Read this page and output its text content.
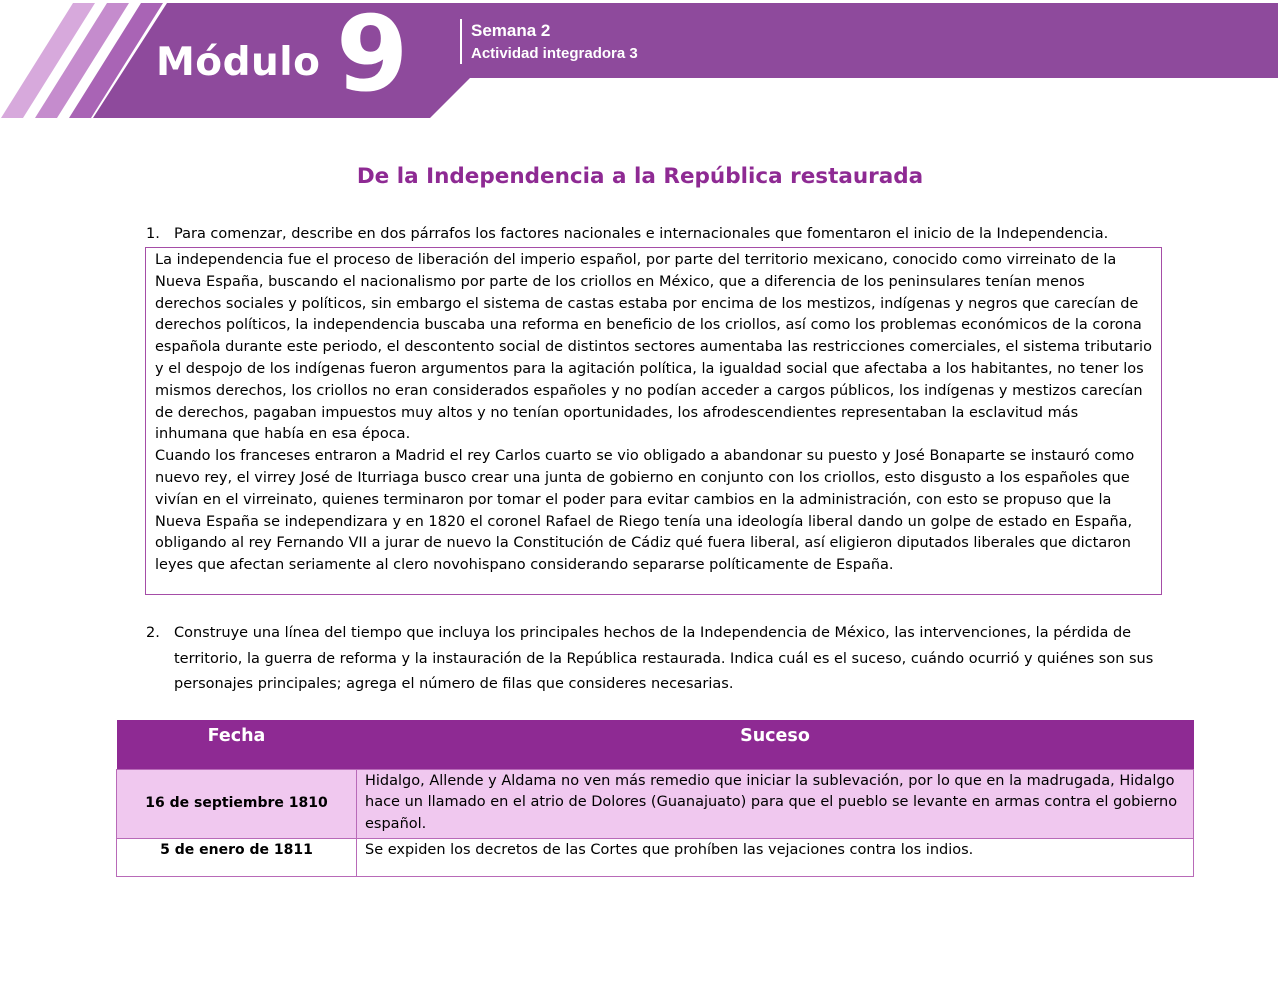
Módulo 9	Semana 2
Actividad integradora 3
De la Independencia a la República restaurada
1. Para comenzar, describe en dos párrafos los factores nacionales e internacionales que fomentaron el inicio de la Independencia.

La independencia fue el proceso de liberación del imperio español, por parte del territorio mexicano, conocido como virreinato de la Nueva España, buscando el nacionalismo por parte de los criollos en México, que a diferencia de los peninsulares tenían menos derechos sociales y políticos, sin embargo el sistema de castas estaba por encima de los mestizos, indígenas y negros que carecían de derechos políticos, la independencia buscaba una reforma en beneficio de los criollos, así como los problemas económicos de la corona española durante este periodo, el descontento social de distintos sectores aumentaba las restricciones comerciales, el sistema tributario y el despojo de los indígenas fueron argumentos para la agitación política, la igualdad social que afectaba a los habitantes, no tener los mismos derechos, los criollos no eran considerados españoles y no podían acceder a cargos públicos, los indígenas y mestizos carecían de derechos, pagaban impuestos muy altos y no tenían oportunidades, los afrodescendientes representaban la esclavitud más inhumana que había en esa época.

Cuando los franceses entraron a Madrid el rey Carlos cuarto se vio obligado a abandonar su puesto y José Bonaparte se instauró como nuevo rey, el virrey José de Iturriaga busco crear una junta de gobierno en conjunto con los criollos, esto disgusto a los españoles que vivían en el virreinato, quienes terminaron por tomar el poder para evitar cambios en la administración, con esto se propuso que la Nueva España se independizara y en 1820 el coronel Rafael de Riego tenía una ideología liberal dando un golpe de estado en España, obligando al rey Fernando VII a jurar de nuevo la Constitución de Cádiz qué fuera liberal, así eligieron diputados liberales que dictaron leyes que afectan seriamente al clero novohispano considerando separarse políticamente de España.

2. Construye una línea del tiempo que incluya los principales hechos de la Independencia de México, las intervenciones, la pérdida de territorio, la guerra de reforma y la instauración de la República restaurada. Indica cuál es el suceso, cuándo ocurrió y quiénes son sus personajes principales; agrega el número de filas que consideres necesarias.
Fecha	Suceso
16 de septiembre 1810	Hidalgo, Allende y Aldama no ven más remedio que iniciar la sublevación, por lo que en la madrugada, Hidalgo hace un llamado en el atrio de Dolores (Guanajuato) para que el pueblo se levante en armas contra el gobierno español.
5 de enero de 1811	Se expiden los decretos de las Cortes que prohíben las vejaciones contra los indios.
